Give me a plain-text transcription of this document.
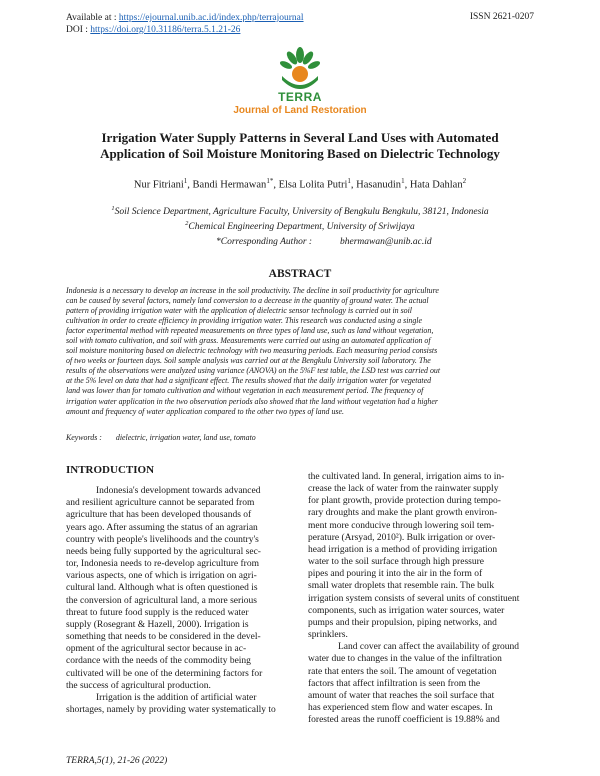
Available at : https://ejournal.unib.ac.id/index.php/terrajournal
DOI : https://doi.org/10.31186/terra.5.1.21-26
ISSN 2621-0207
TERRA
Journal of Land Restoration
Irrigation Water Supply Patterns in Several Land Uses with Automated
Application of Soil Moisture Monitoring Based on Dielectric Technology
Nur Fitriani$^1$, Bandi Hermawan$^{1*}$, Elsa Lolita Putri$^1$, Hasanudin$^1$, Hata Dahlan$^2$
$^1$Soil Science Department, Agriculture Faculty, University of Bengkulu Bengkulu, 38121, Indonesia
$^2$Chemical Engineering Department, University of Sriwijaya
*Corresponding Author :	bhermawan@unib.ac.id
ABSTRACT
Indonesia is a necessary to develop an increase in the soil productivity. The decline in soil productivity for agriculture
can be caused by several factors, namely land conversion to a decrease in the quantity of ground water. The actual
pattern of providing irrigation water with the application of dielectric sensor technology is carried out in soil
cultivation in order to create efficiency in providing irrigation water. This research was conducted using a single
factor experimental method with repeated measurements on three types of land use, such as land without vegetation,
soil with tomato cultivation, and soil with grass. Measurements were carried out using an automated application of
soil moisture monitoring based on dielectric technology with two measuring periods. Each measuring period consists
of two weeks or fourteen days. Soil sample analysis was carried out at the Bengkulu University soil laboratory. The
results of the observations were analyzed using variance (ANOVA) on the 5%F test table, the LSD test was carried out
at the 5% level on data that had a significant effect. The results showed that the daily irrigation water for vegetated
land was lower than for tomato cultivation and without vegetation in each measurement period. The frequency of
irrigation water application in the two observation periods also showed that the land without vegetation had a higher
amount and frequency of water application compared to the other two types of land use.
Keywords : dielectric, irrigation water, land use, tomato
INTRODUCTION
Indonesia's development towards advanced
and resilient agriculture cannot be separated from
agriculture that has been developed thousands of
years ago. After assuming the status of an agrarian
country with people's livelihoods and the country's
needs being fully supported by the agricultural sec-
tor, Indonesia needs to re-develop agriculture from
various aspects, one of which is irrigation on agri-
cultural land. Although what is often questioned is
the conversion of agricultural land, a more serious
threat to future food supply is the reduced water
supply (Rosegrant & Hazell, 2000). Irrigation is
something that needs to be considered in the devel-
opment of the agricultural sector because in ac-
cordance with the needs of the commodity being
cultivated will be one of the determining factors for
the success of agricultural production.
Irrigation is the addition of artificial water
shortages, namely by providing water systematically to
the cultivated land. In general, irrigation aims to in-
crease the lack of water from the rainwater supply
for plant growth, provide protection during tempo-
rary droughts and make the plant growth environ-
ment more conducive through lowering soil tem-
perature (Arsyad, 2010²). Bulk irrigation or over-
head irrigation is a method of providing irrigation
water to the soil surface through high pressure
pipes and pouring it into the air in the form of
small water droplets that resemble rain. The bulk
irrigation system consists of several units of constituent
components, such as irrigation water sources, water
pumps and their propulsion, piping networks, and
sprinklers.
Land cover can affect the availability of ground
water due to changes in the value of the infiltration
rate that enters the soil. The amount of vegetation
factors that affect infiltration is seen from the
amount of water that reaches the soil surface that
has experienced stem flow and water escapes. In
forested areas the runoff coefficient is 19.88% and
TERRA,5(1), 21-26 (2022)
